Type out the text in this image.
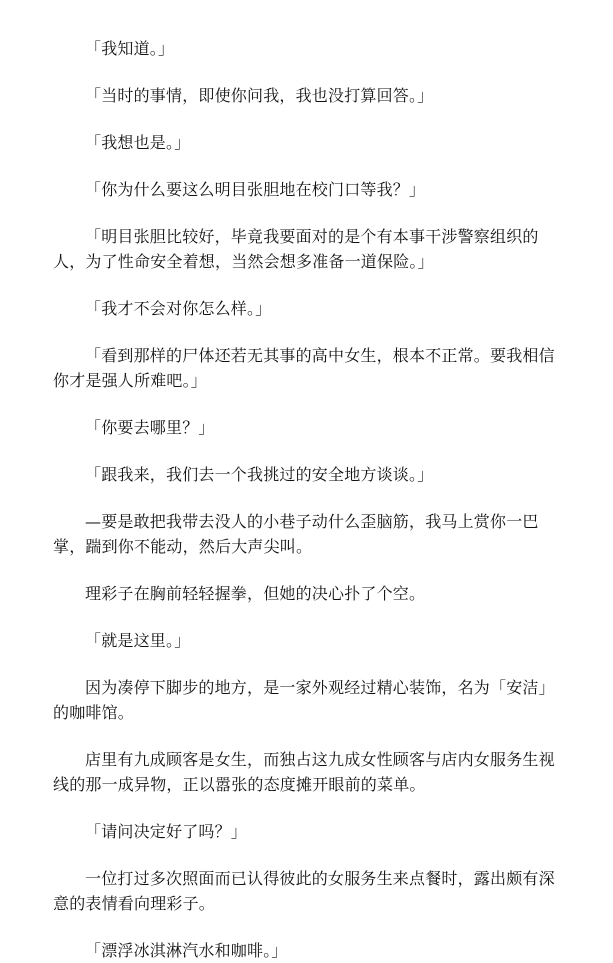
「我知道。」

「当时的事情，即使你问我，我也没打算回答。」

「我想也是。」

「你为什么要这么明目张胆地在校门口等我？」

「明目张胆比较好，毕竟我要面对的是个有本事干涉警察组织的人，为了性命安全着想，当然会想多准备一道保险。」

「我才不会对你怎么样。」

「看到那样的尸体还若无其事的高中女生，根本不正常。要我相信你才是强人所难吧。」

「你要去哪里？」

「跟我来，我们去一个我挑过的安全地方谈谈。」

—要是敢把我带去没人的小巷子动什么歪脑筋，我马上赏你一巴掌，踹到你不能动，然后大声尖叫。

理彩子在胸前轻轻握拳，但她的决心扑了个空。

「就是这里。」

因为凑停下脚步的地方，是一家外观经过精心装饰，名为「安洁」的咖啡馆。

店里有九成顾客是女生，而独占这九成女性顾客与店内女服务生视线的那一成异物，正以嚣张的态度摊开眼前的菜单。

「请问决定好了吗？」

一位打过多次照面而已认得彼此的女服务生来点餐时，露出颇有深意的表情看向理彩子。

「漂浮冰淇淋汽水和咖啡。」
